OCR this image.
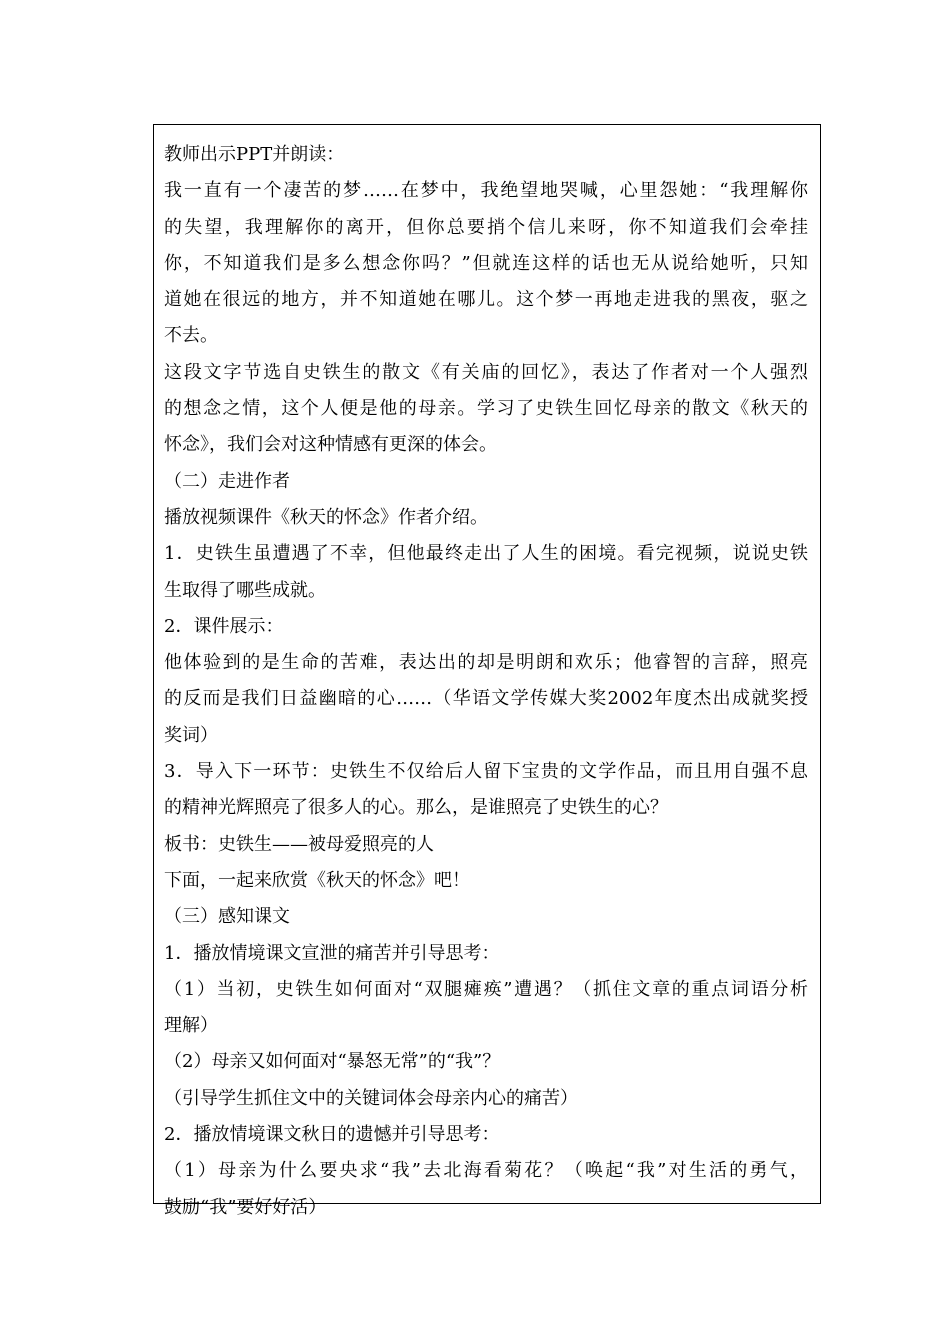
教师出示PPT并朗读：

我一直有一个凄苦的梦……在梦中，我绝望地哭喊，心里怨她：“我理解你

的失望，我理解你的离开，但你总要捎个信儿来呀，你不知道我们会牵挂

你，不知道我们是多么想念你吗？”但就连这样的话也无从说给她听，只知

道她在很远的地方，并不知道她在哪儿。这个梦一再地走进我的黑夜，驱之

不去。

这段文字节选自史铁生的散文《有关庙的回忆》，表达了作者对一个人强烈

的想念之情，这个人便是他的母亲。学习了史铁生回忆母亲的散文《秋天的

怀念》，我们会对这种情感有更深的体会。

（二）走进作者

播放视频课件《秋天的怀念》作者介绍。

1．史铁生虽遭遇了不幸，但他最终走出了人生的困境。看完视频，说说史铁

生取得了哪些成就。

2．课件展示：

他体验到的是生命的苦难，表达出的却是明朗和欢乐；他睿智的言辞，照亮

的反而是我们日益幽暗的心……（华语文学传媒大奖2002年度杰出成就奖授

奖词）

3．导入下一环节：史铁生不仅给后人留下宝贵的文学作品，而且用自强不息

的精神光辉照亮了很多人的心。那么，是谁照亮了史铁生的心？

板书：史铁生——被母爱照亮的人

下面，一起来欣赏《秋天的怀念》吧！

（三）感知课文

1．播放情境课文宣泄的痛苦并引导思考：

（1）当初，史铁生如何面对“双腿瘫痪”遭遇？（抓住文章的重点词语分析

理解）

（2）母亲又如何面对“暴怒无常”的“我”？

（引导学生抓住文中的关键词体会母亲内心的痛苦）

2．播放情境课文秋日的遗憾并引导思考：

（1）母亲为什么要央求“我”去北海看菊花？（唤起“我”对生活的勇气，

鼓励“我”要好好活）
